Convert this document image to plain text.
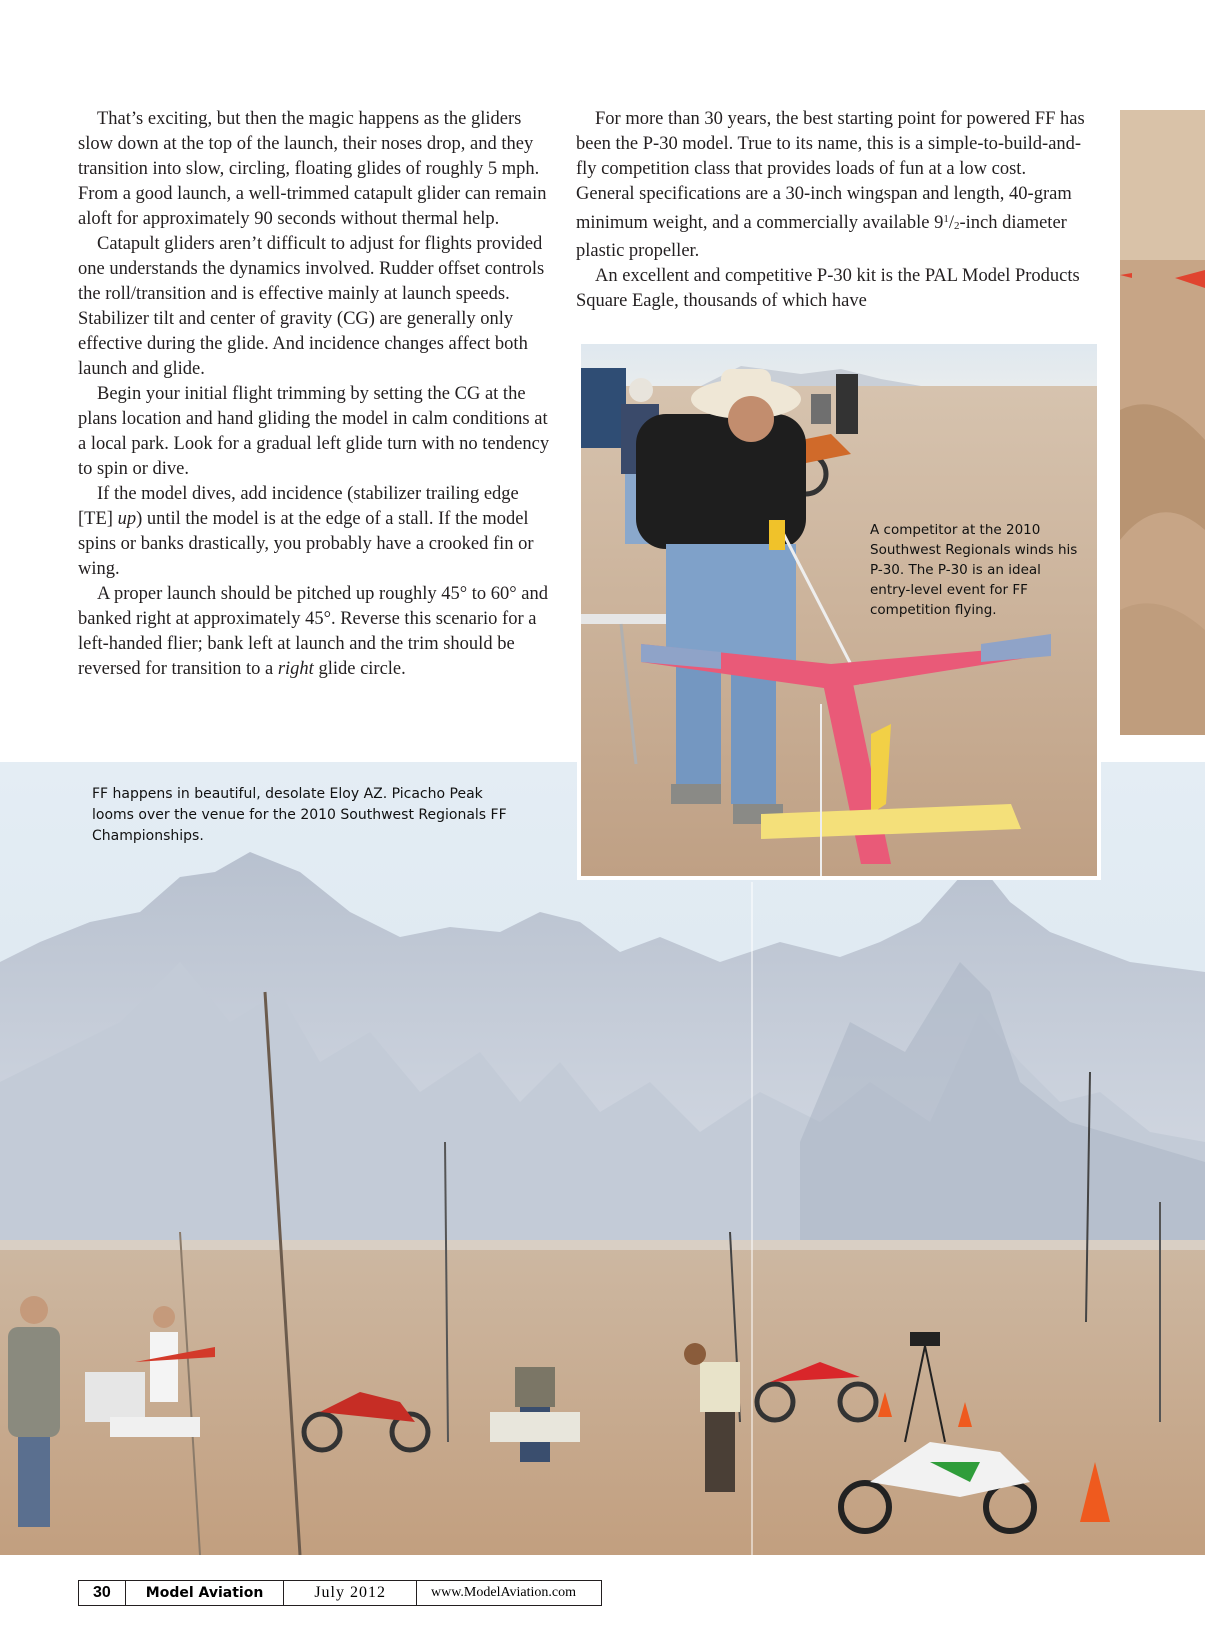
That’s exciting, but then the magic happens as the gliders slow down at the top of the launch, their noses drop, and they transition into slow, circling, floating glides of roughly 5 mph. From a good launch, a well-trimmed catapult glider can remain aloft for approximately 90 seconds without thermal help.

Catapult gliders aren’t difficult to adjust for flights provided one understands the dynamics involved. Rudder offset controls the roll/transition and is effective mainly at launch speeds. Stabilizer tilt and center of gravity (CG) are generally only effective during the glide. And incidence changes affect both launch and glide.

Begin your initial flight trimming by setting the CG at the plans location and hand gliding the model in calm conditions at a local park. Look for a gradual left glide turn with no tendency to spin or dive.

If the model dives, add incidence (stabilizer trailing edge [TE] up) until the model is at the edge of a stall. If the model spins or banks drastically, you probably have a crooked fin or wing.

A proper launch should be pitched up roughly 45° to 60° and banked right at approximately 45°. Reverse this scenario for a left-handed flier; bank left at launch and the trim should be reversed for transition to a right glide circle.

For more than 30 years, the best starting point for powered FF has been the P-30 model. True to its name, this is a simple-to-build-and-fly competition class that provides loads of fun at a low cost. General specifications are a 30-inch wingspan and length, 40-gram minimum weight, and a commercially available $9^1/2$-inch diameter plastic propeller.

An excellent and competitive P-30 kit is the PAL Model Products Square Eagle, thousands of which have

FF happens in beautiful, desolate Eloy AZ. Picacho Peak looms over the venue for the 2010 Southwest Regionals FF Championships.
A competitor at the 2010 Southwest Regionals winds his P-30. The P-30 is an ideal entry-level event for FF competition flying.
30	Model Aviation	July 2012	www.ModelAviation.com
